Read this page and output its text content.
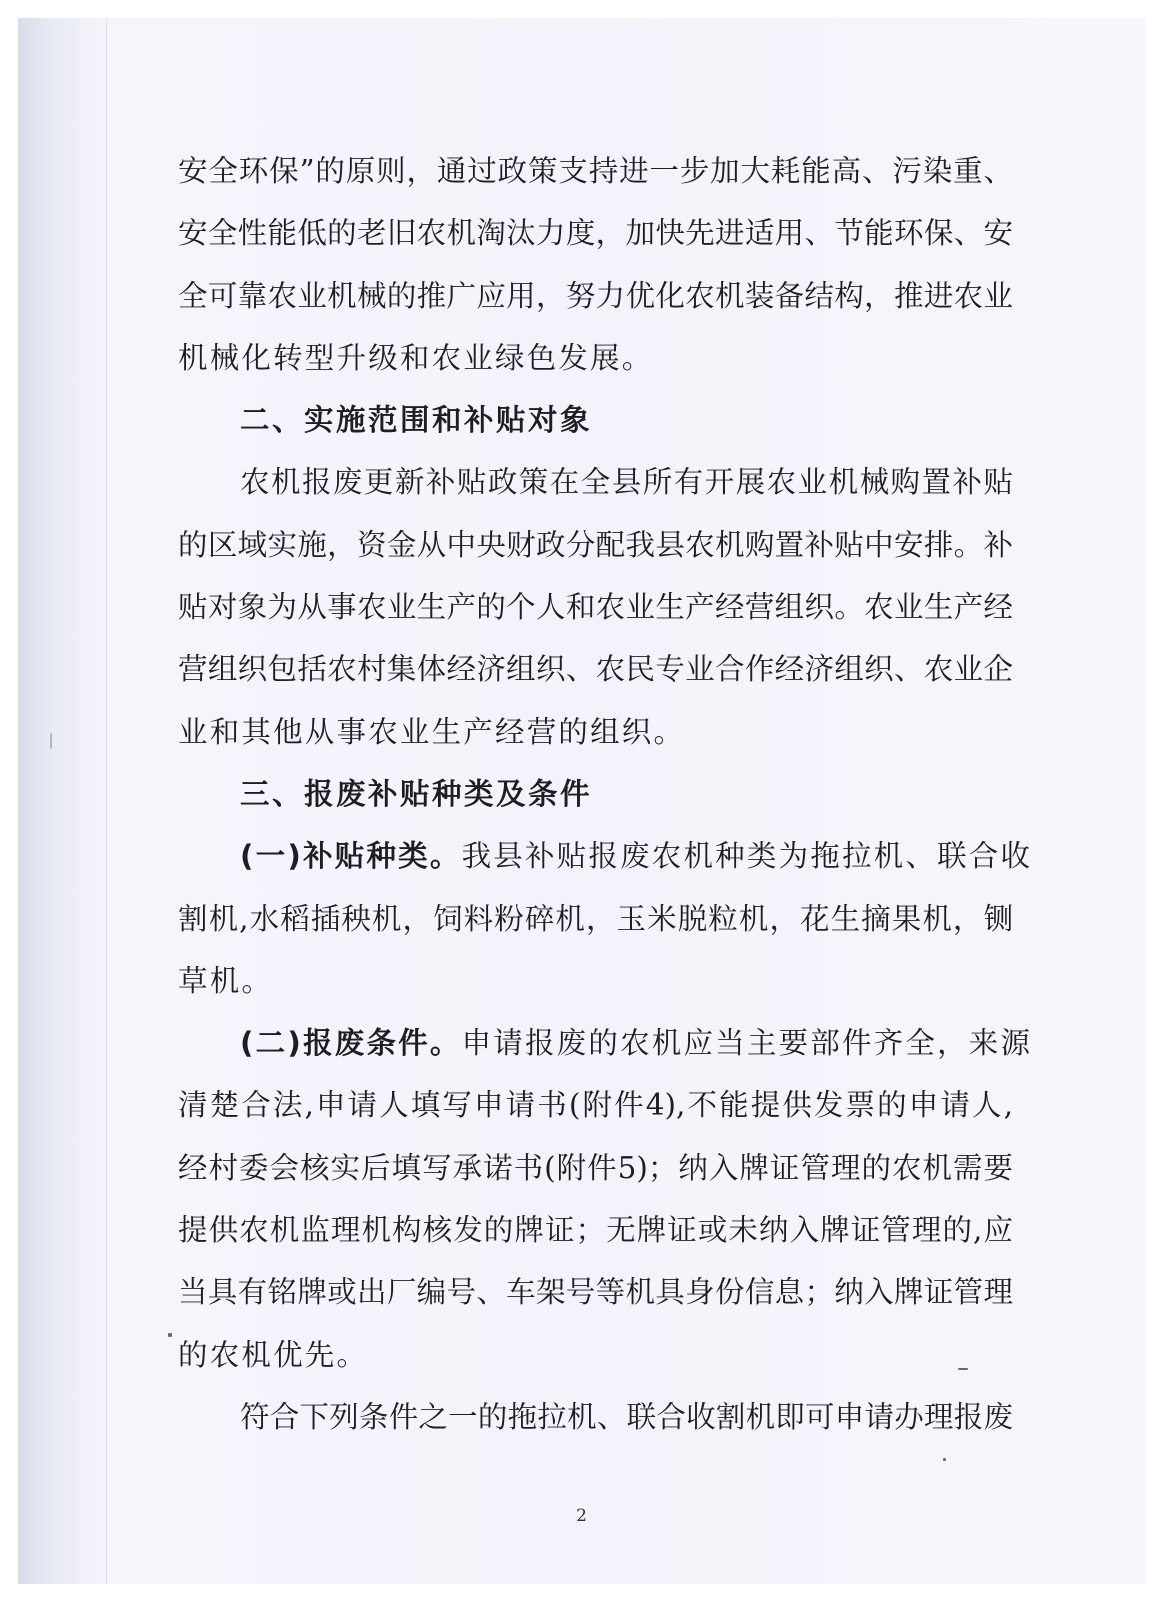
安全环保”的原则，通过政策支持进一步加大耗能高、污染重、
安全性能低的老旧农机淘汰力度，加快先进适用、节能环保、安
全可靠农业机械的推广应用，努力优化农机装备结构，推进农业
机械化转型升级和农业绿色发展。
二、实施范围和补贴对象
农机报废更新补贴政策在全县所有开展农业机械购置补贴
的区域实施，资金从中央财政分配我县农机购置补贴中安排。补
贴对象为从事农业生产的个人和农业生产经营组织。农业生产经
营组织包括农村集体经济组织、农民专业合作经济组织、农业企
业和其他从事农业生产经营的组织。
三、报废补贴种类及条件
(一)补贴种类。我县补贴报废农机种类为拖拉机、联合收
割机,水稻插秧机，饲料粉碎机，玉米脱粒机，花生摘果机，铡
草机。
(二)报废条件。申请报废的农机应当主要部件齐全，来源
清楚合法,申请人填写申请书(附件4),不能提供发票的申请人,
经村委会核实后填写承诺书(附件5)；纳入牌证管理的农机需要
提供农机监理机构核发的牌证；无牌证或未纳入牌证管理的,应
当具有铭牌或出厂编号、车架号等机具身份信息；纳入牌证管理
的农机优先。
符合下列条件之一的拖拉机、联合收割机即可申请办理报废
2
